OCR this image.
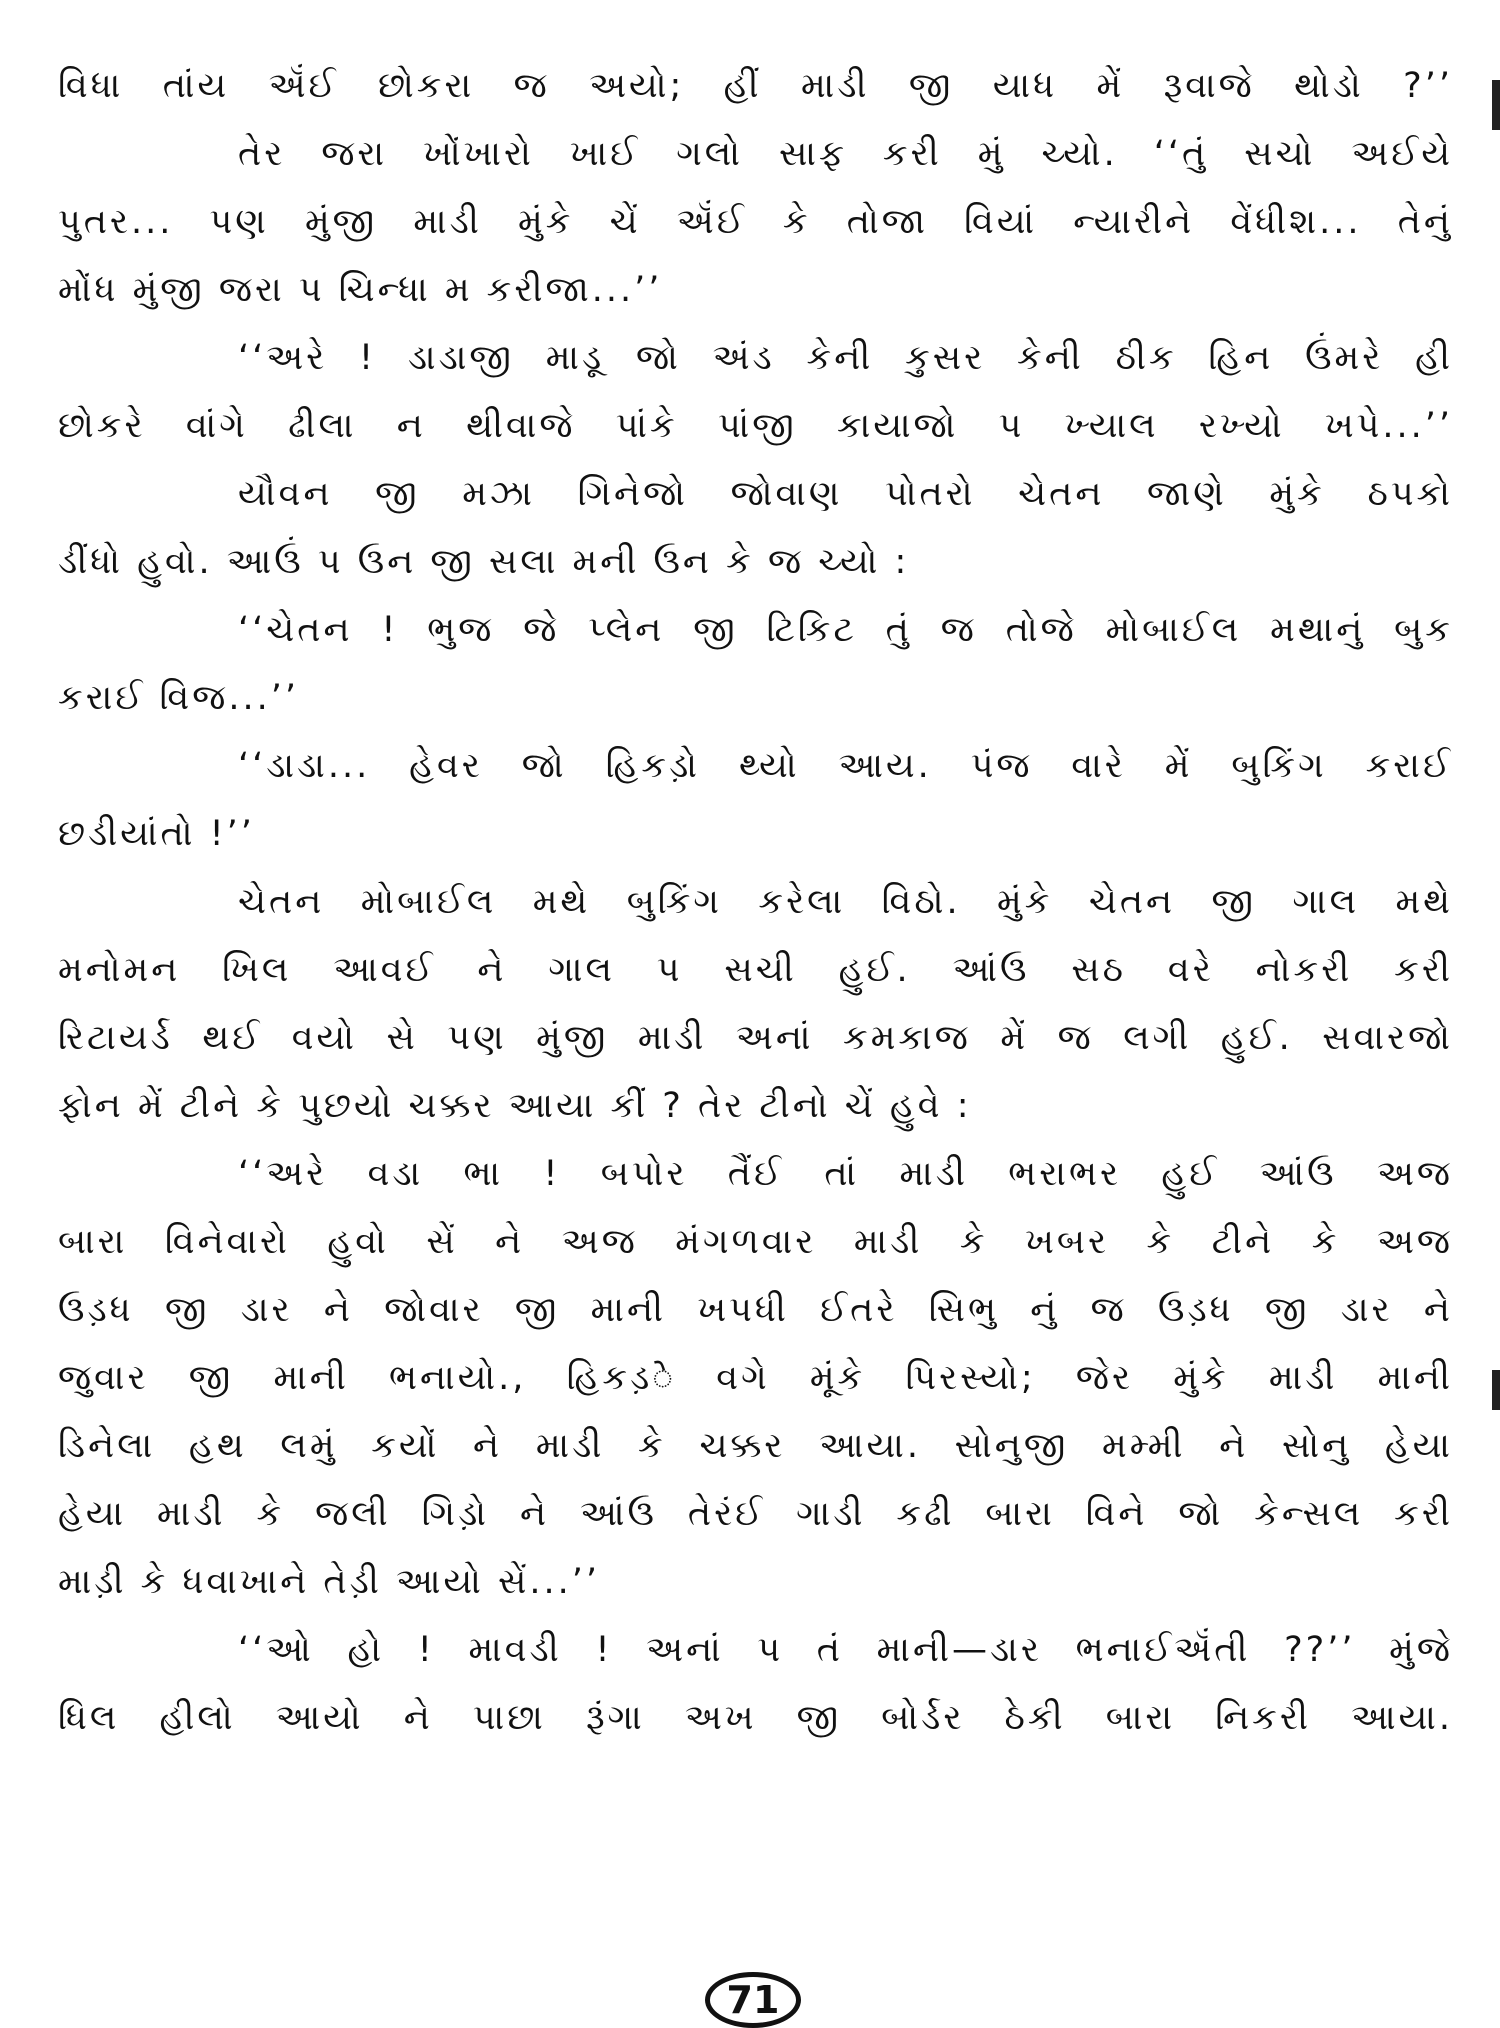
વિધા તાંય ઍંઈ છોકરા જ અયો; હીં માડી જી યાધ મેં રૂવાજે થોડો ?’’
તેર જરા ખોંખારો ખાઈ ગલો સાફ કરી મું ચ્યો. ‘‘તું સચો અઈયે
પુતર... પણ મુંજી માડી મુંકે ચેં ઍંઈ કે તોજા વિયાં ન્યારીને વેંધીશ... તેનું
મોંધ મુંજી જરા પ ચિન્ધા મ કરીજા...’’
‘‘અરે ! ડાડાજી માડૂ જો અંડ કેની કુસર કેની ઠીક હિન ઉંમરે હી
છોકરે વાંગે ઢીલા ન થીવાજે પાંકે પાંજી કાયાજો પ ખ્યાલ રખ્યો ખપે...’’
યૌવન જી મઝા ગિનેજો જોવાણ પોતરો ચેતન જાણે મુંકે ઠપકો
ડીંધો હુવો. આઉં પ ઉન જી સલા મની ઉન કે જ ચ્યો :
‘‘ચેતન ! ભુજ જે પ્લેન જી ટિકિટ તું જ તોજે મોબાઈલ મથાનું બુક
કરાઈ વિજ...’’
‘‘ડાડા... હેવર જો હિકડ઼ો થ્યો આય. પંજ વારે મેં બુકિંગ કરાઈ
છડીયાંતો !’’
ચેતન મોબાઈલ મથે બુકિંગ કરેલા વિઠો. મુંકે ચેતન જી ગાલ મથે
મનોમન ખિલ આવઈ ને ગાલ પ સચી હુઈ. આંઉ સઠ વરે નોકરી કરી
રિટાયર્ડ થઈ વયો સે પણ મુંજી માડી અનાં કમકાજ મેં જ લગી હુઈ. સવારજો
ફોન મેં ટીને કે પુછયો ચક્કર આયા કીં ? તેર ટીનો ચેં હુવે :
‘‘અરે વડા ભા ! બપોર તૈંઈ તાં માડી ભરાભર હુઈ આંઉ અજ
બારા વિનેવારો હુવો સેં ને અજ મંગળવાર માડી કે ખબર કે ટીને કે અજ
ઉડ઼ધ જી ડાર ને જોવાર જી માની ખપધી ઈતરે સિભુ નું જ ઉડ઼ધ જી ડાર ને
જુવાર જી માની ભનાયો., હિકડ઼े વગે મૂંકે પિરસ્યો; જેર મુંકે માડી માની
ડિનેલા હથ લમું કયોં ને માડી કે ચક્કર આયા. સોનુજી મમ્મી ને સોનુ હેયા
હેયા માડી કે જલી ગિડ઼ો ને આંઉ તેરંઈ ગાડી કઢી બારા વિને જો કેન્સલ કરી
માડ઼ી કે ધવાખાને તેડ઼ી આયો સેં...’’
‘‘ઓ હો ! માવડી ! અનાં પ તં માની—ડાર ભનાઈઍંતી ??’’ મુંજે
ધિલ હીલો આયો ને પાછા રૂંગા અખ જી બોર્ડર ઠેકી બારા નિકરી આયા.
71
